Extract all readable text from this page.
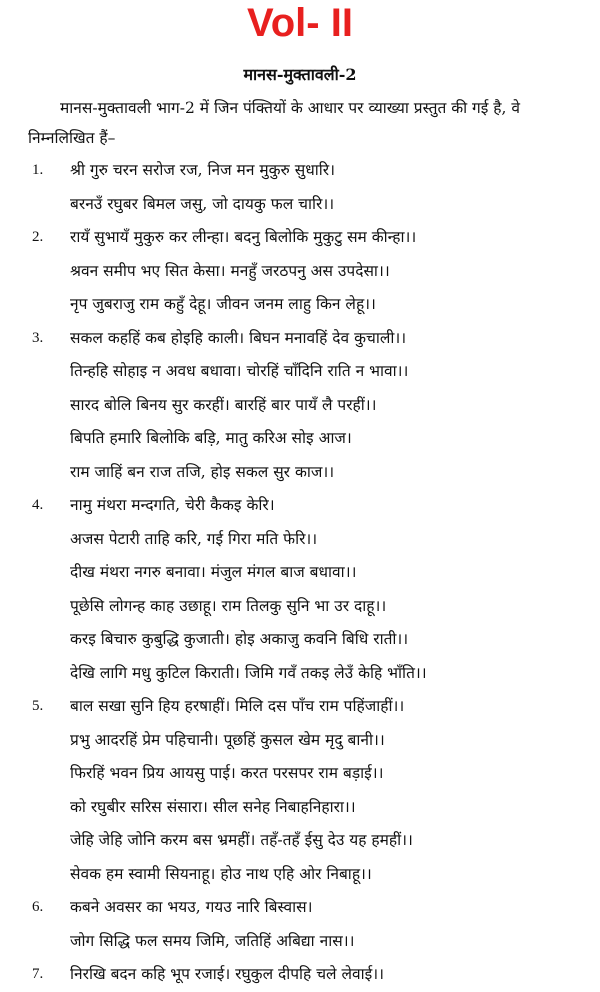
Vol- II
मानस-मुक्तावली-2

मानस-मुक्तावली भाग-2 में जिन पंक्तियों के आधार पर व्याख्या प्रस्तुत की गई है, वे निम्नलिखित हैं–

1.	श्री गुरु चरन सरोज रज, निज मन मुकुरु सुधारि।
बरनउँ रघुबर बिमल जसु, जो दायकु फल चारि।।
2.	रायँ सुभायँ मुकुरु कर लीन्हा। बदनु बिलोकि मुकुटु सम कीन्हा।।
श्रवन समीप भए सित केसा। मनहुँ जरठपनु अस उपदेसा।।
नृप जुबराजु राम कहुँ देहू। जीवन जनम लाहु किन लेहू।।
3.	सकल कहहिं कब होइहि काली। बिघन मनावहिं देव कुचाली।।
तिन्हहि सोहाइ न अवध बधावा। चोरहिं चाँदिनि राति न भावा।।
सारद बोलि बिनय सुर करहीं। बारहिं बार पायँ लै परहीं।।
बिपति हमारि बिलोकि बड़ि, मातु करिअ सोइ आज।
राम जाहिं बन राज तजि, होइ सकल सुर काज।।
4.	नामु मंथरा मन्दगति, चेरी कैकइ केरि।
अजस पेटारी ताहि करि, गई गिरा मति फेरि।।
दीख मंथरा नगरु बनावा। मंजुल मंगल बाज बधावा।।
पूछेसि लोगन्ह काह उछाहू। राम तिलकु सुनि भा उर दाहू।।
करइ बिचारु कुबुद्धि कुजाती। होइ अकाजु कवनि बिधि राती।।
देखि लागि मधु कुटिल किराती। जिमि गवँ तकइ लेउँ केहि भाँति।।
5.	बाल सखा सुनि हिय हरषाहीं। मिलि दस पाँच राम पहिंजाहीं।।
प्रभु आदरहिं प्रेम पहिचानी। पूछहिं कुसल खेम मृदु बानी।।
फिरहिं भवन प्रिय आयसु पाई। करत परसपर राम बड़ाई।।
को रघुबीर सरिस संसारा। सील सनेह निबाहनिहारा।।
जेहि जेहि जोनि करम बस भ्रमहीं। तहँ-तहँ ईसु देउ यह हमहीं।।
सेवक हम स्वामी सियनाहू। होउ नाथ एहि ओर निबाहू।।
6.	कबने अवसर का भयउ, गयउ नारि बिस्वास।
जोग सिद्धि फल समय जिमि, जतिहिं अबिद्या नास।।
7.	निरखि बदन कहि भूप रजाई। रघुकुल दीपहि चले लेवाई।।
